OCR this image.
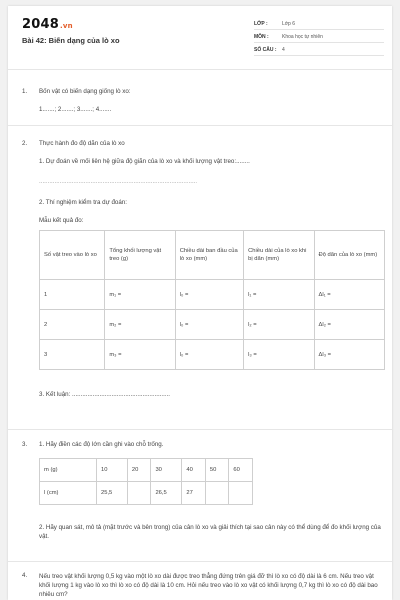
2048.vn
Bài 42: Biến dạng của lò xo
LỚP :	Lớp 6
MÔN :	Khoa học tự nhiên
SỐ CÂU :	4
1. Bốn vật có biến dạng giống lò xo:
1.......; 2.......; 3.......; 4.......
2. Thực hành đo độ dãn của lò xo
1. Dự đoán về mối liên hệ giữa độ giãn của lò xo và khối lượng vật treo:........
............................................................................................
2. Thí nghiệm kiểm tra dự đoán:
Mẫu kết quả đo:
Số vật treo vào lò xo	Tổng khối lượng vật treo (g)	Chiều dài ban đầu của lò xo (mm)	Chiều dài của lò xo khi bị dãn (mm)	Độ dãn của lò xo (mm)
1	m₁ =	l₀ =	l₁ =	Δl₁ =
2	m₂ =	l₀ =	l₂ =	Δl₂ =
3	m₃ =	l₀ =	l₃ =	Δl₃ =
3. Kết luận: .........................................................
3. 1. Hãy điền các độ lớn cần ghi vào chỗ trống.
m (g)	10	20	30	40	50	60
l (cm)	25,5		26,5	27		
2. Hãy quan sát, mô tả (mặt trước và bên trong) của cân lò xo và giải thích tại sao cân này có thể dùng để đo khối lượng của vật.
4. Nếu treo vật khối lượng 0,5 kg vào một lò xo dài được treo thẳng đứng trên giá đỡ thì lò xo có độ dài là 6 cm. Nếu treo vật khối lượng 1 kg vào lò xo thì lò xo có độ dài là 10 cm. Hỏi nếu treo vào lò xo vật có khối lượng 0,7 kg thì lò xo có độ dài bao nhiêu cm?
